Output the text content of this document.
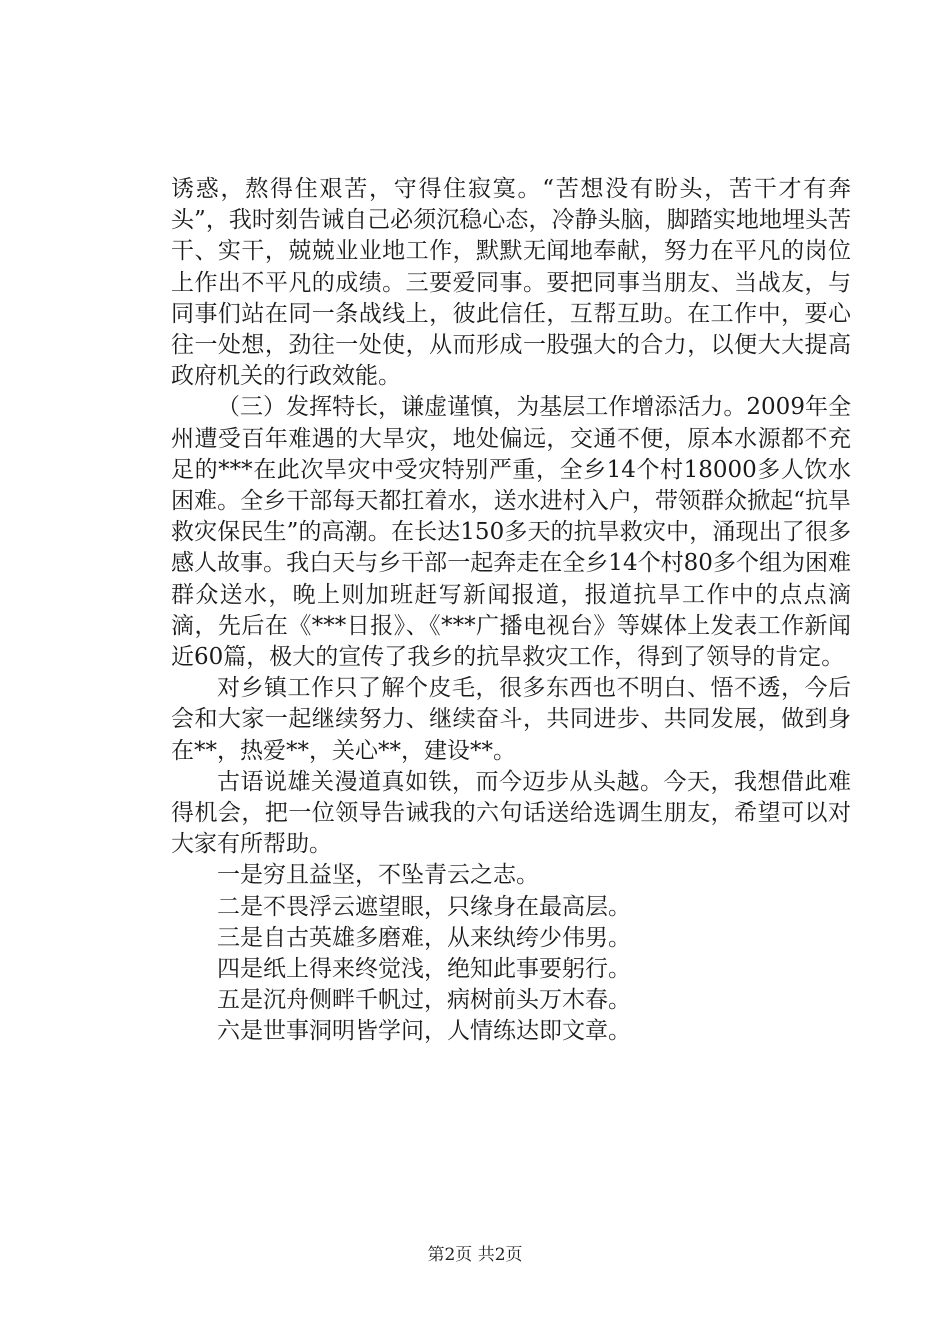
诱惑，熬得住艰苦，守得住寂寞。“苦想没有盼头，苦干才有奔头”，我时刻告诫自己必须沉稳心态，冷静头脑，脚踏实地地埋头苦干、实干，兢兢业业地工作，默默无闻地奉献，努力在平凡的岗位上作出不平凡的成绩。三要爱同事。要把同事当朋友、当战友，与同事们站在同一条战线上，彼此信任，互帮互助。在工作中，要心往一处想，劲往一处使，从而形成一股强大的合力，以便大大提高政府机关的行政效能。

（三）发挥特长，谦虚谨慎，为基层工作增添活力。2009年全州遭受百年难遇的大旱灾，地处偏远，交通不便，原本水源都不充足的***在此次旱灾中受灾特别严重，全乡14个村18000多人饮水困难。全乡干部每天都扛着水，送水进村入户，带领群众掀起“抗旱救灾保民生”的高潮。在长达150多天的抗旱救灾中，涌现出了很多感人故事。我白天与乡干部一起奔走在全乡14个村80多个组为困难群众送水，晚上则加班赶写新闻报道，报道抗旱工作中的点点滴滴，先后在《***日报》、《***广播电视台》等媒体上发表工作新闻近60篇，极大的宣传了我乡的抗旱救灾工作，得到了领导的肯定。

对乡镇工作只了解个皮毛，很多东西也不明白、悟不透，今后会和大家一起继续努力、继续奋斗，共同进步、共同发展，做到身在**，热爱**，关心**，建设**。

古语说雄关漫道真如铁，而今迈步从头越。今天，我想借此难得机会，把一位领导告诫我的六句话送给选调生朋友，希望可以对大家有所帮助。

一是穷且益坚，不坠青云之志。

二是不畏浮云遮望眼，只缘身在最高层。

三是自古英雄多磨难，从来纨绔少伟男。

四是纸上得来终觉浅，绝知此事要躬行。

五是沉舟侧畔千帆过，病树前头万木春。

六是世事洞明皆学问，人情练达即文章。

第2页 共2页
